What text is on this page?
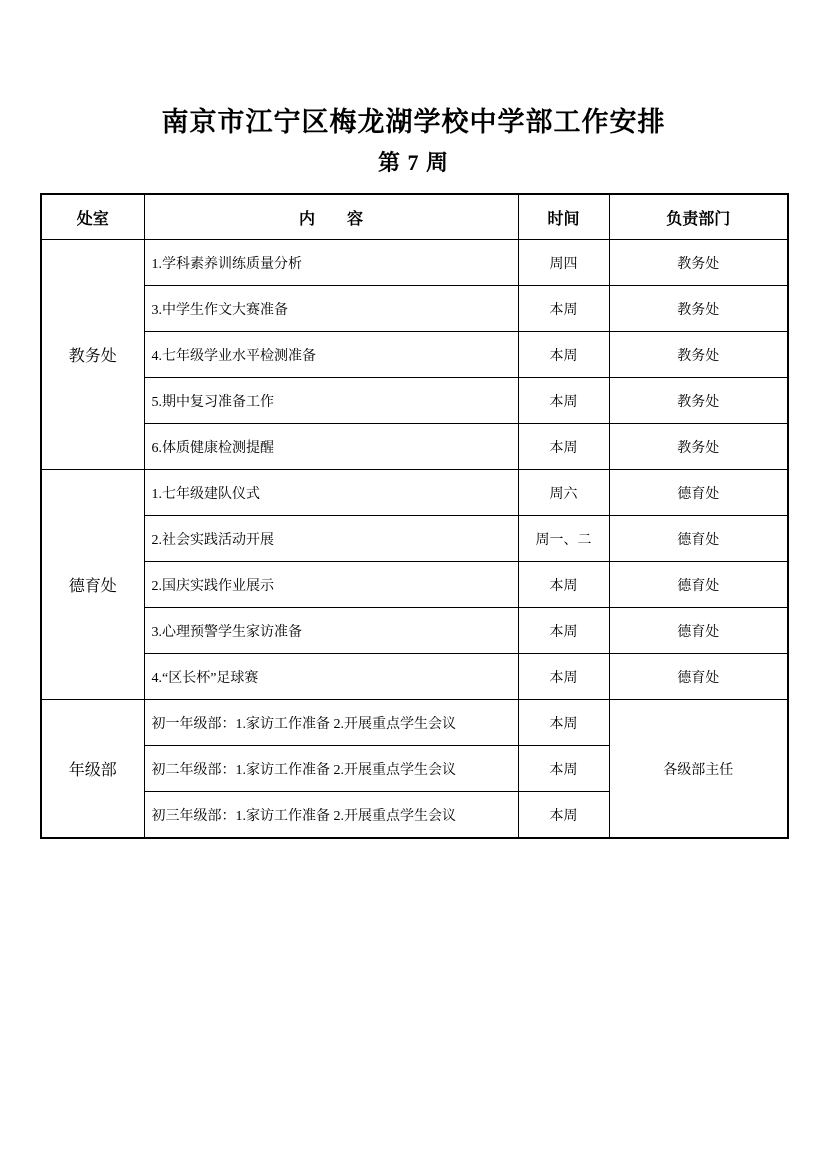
南京市江宁区梅龙湖学校中学部工作安排
第 7 周
处室	内　　容	时间	负责部门
教务处	1.学科素养训练质量分析	周四	教务处
	3.中学生作文大赛准备	本周	教务处
	4.七年级学业水平检测准备	本周	教务处
	5.期中复习准备工作	本周	教务处
	6.体质健康检测提醒	本周	教务处
德育处	1.七年级建队仪式	周六	德育处
	2.社会实践活动开展	周一、二	德育处
	2.国庆实践作业展示	本周	德育处
	3.心理预警学生家访准备	本周	德育处
	4.“区长杯”足球赛	本周	德育处
年级部	初一年级部：1.家访工作准备 2.开展重点学生会议	本周	各级部主任
	初二年级部：1.家访工作准备 2.开展重点学生会议	本周	
	初三年级部：1.家访工作准备 2.开展重点学生会议	本周	
